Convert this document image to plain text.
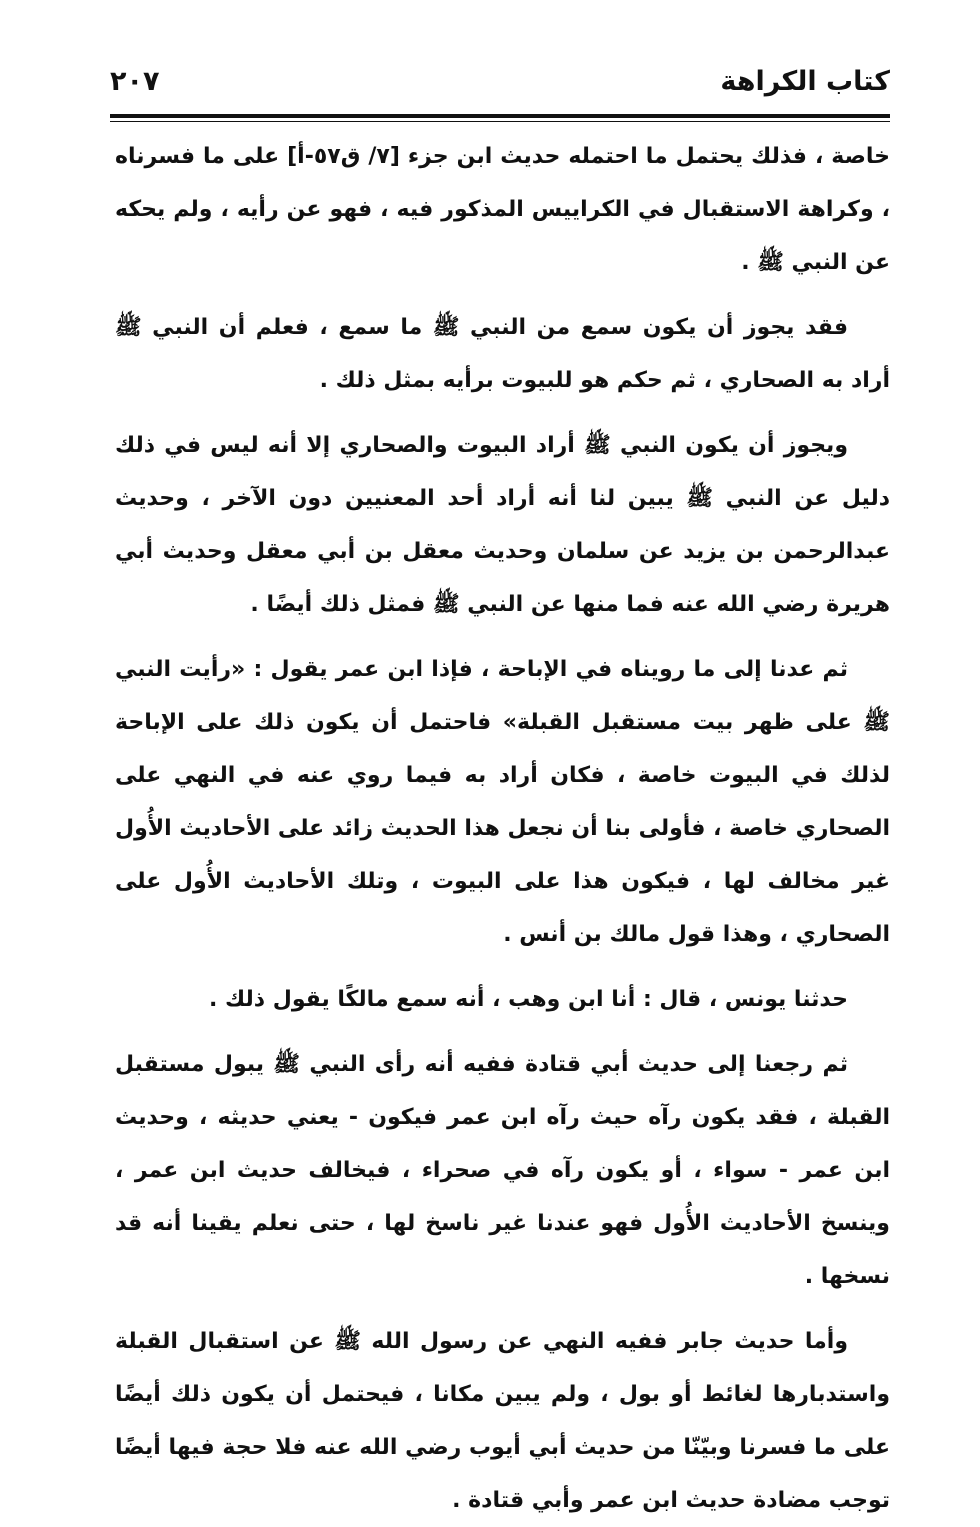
كتاب الكراهة
٢٠٧

خاصة ، فذلك يحتمل ما احتمله حديث ابن جزء [٧/ ق٥٧-أ] على ما فسرناه ، وكراهة الاستقبال في الكراييس المذكور فيه ، فهو عن رأيه ، ولم يحكه عن النبي ﷺ .

فقد يجوز أن يكون سمع من النبي ﷺ ما سمع ، فعلم أن النبي ﷺ أراد به الصحاري ، ثم حكم هو للبيوت برأيه بمثل ذلك .

ويجوز أن يكون النبي ﷺ أراد البيوت والصحاري إلا أنه ليس في ذلك دليل عن النبي ﷺ يبين لنا أنه أراد أحد المعنيين دون الآخر ، وحديث عبدالرحمن بن يزيد عن سلمان وحديث معقل بن أبي معقل وحديث أبي هريرة رضي الله عنه فما منها عن النبي ﷺ فمثل ذلك أيضًا .

ثم عدنا إلى ما رويناه في الإباحة ، فإذا ابن عمر يقول : «رأيت النبي ﷺ على ظهر بيت مستقبل القبلة» فاحتمل أن يكون ذلك على الإباحة لذلك في البيوت خاصة ، فكان أراد به فيما روي عنه في النهي على الصحاري خاصة ، فأولى بنا أن نجعل هذا الحديث زائد على الأحاديث الأُول غير مخالف لها ، فيكون هذا على البيوت ، وتلك الأحاديث الأُول على الصحاري ، وهذا قول مالك بن أنس .

حدثنا يونس ، قال : أنا ابن وهب ، أنه سمع مالكًا يقول ذلك .

ثم رجعنا إلى حديث أبي قتادة ففيه أنه رأى النبي ﷺ يبول مستقبل القبلة ، فقد يكون رآه حيث رآه ابن عمر فيكون - يعني حديثه ، وحديث ابن عمر - سواء ، أو يكون رآه في صحراء ، فيخالف حديث ابن عمر ، وينسخ الأحاديث الأُول فهو عندنا غير ناسخ لها ، حتى نعلم يقينا أنه قد نسخها .

وأما حديث جابر ففيه النهي عن رسول الله ﷺ عن استقبال القبلة واستدبارها لغائط أو بول ، ولم يبين مكانا ، فيحتمل أن يكون ذلك أيضًا على ما فسرنا وبيّنّا من حديث أبي أيوب رضي الله عنه فلا حجة فيها أيضًا توجب مضادة حديث ابن عمر وأبي قتادة .
